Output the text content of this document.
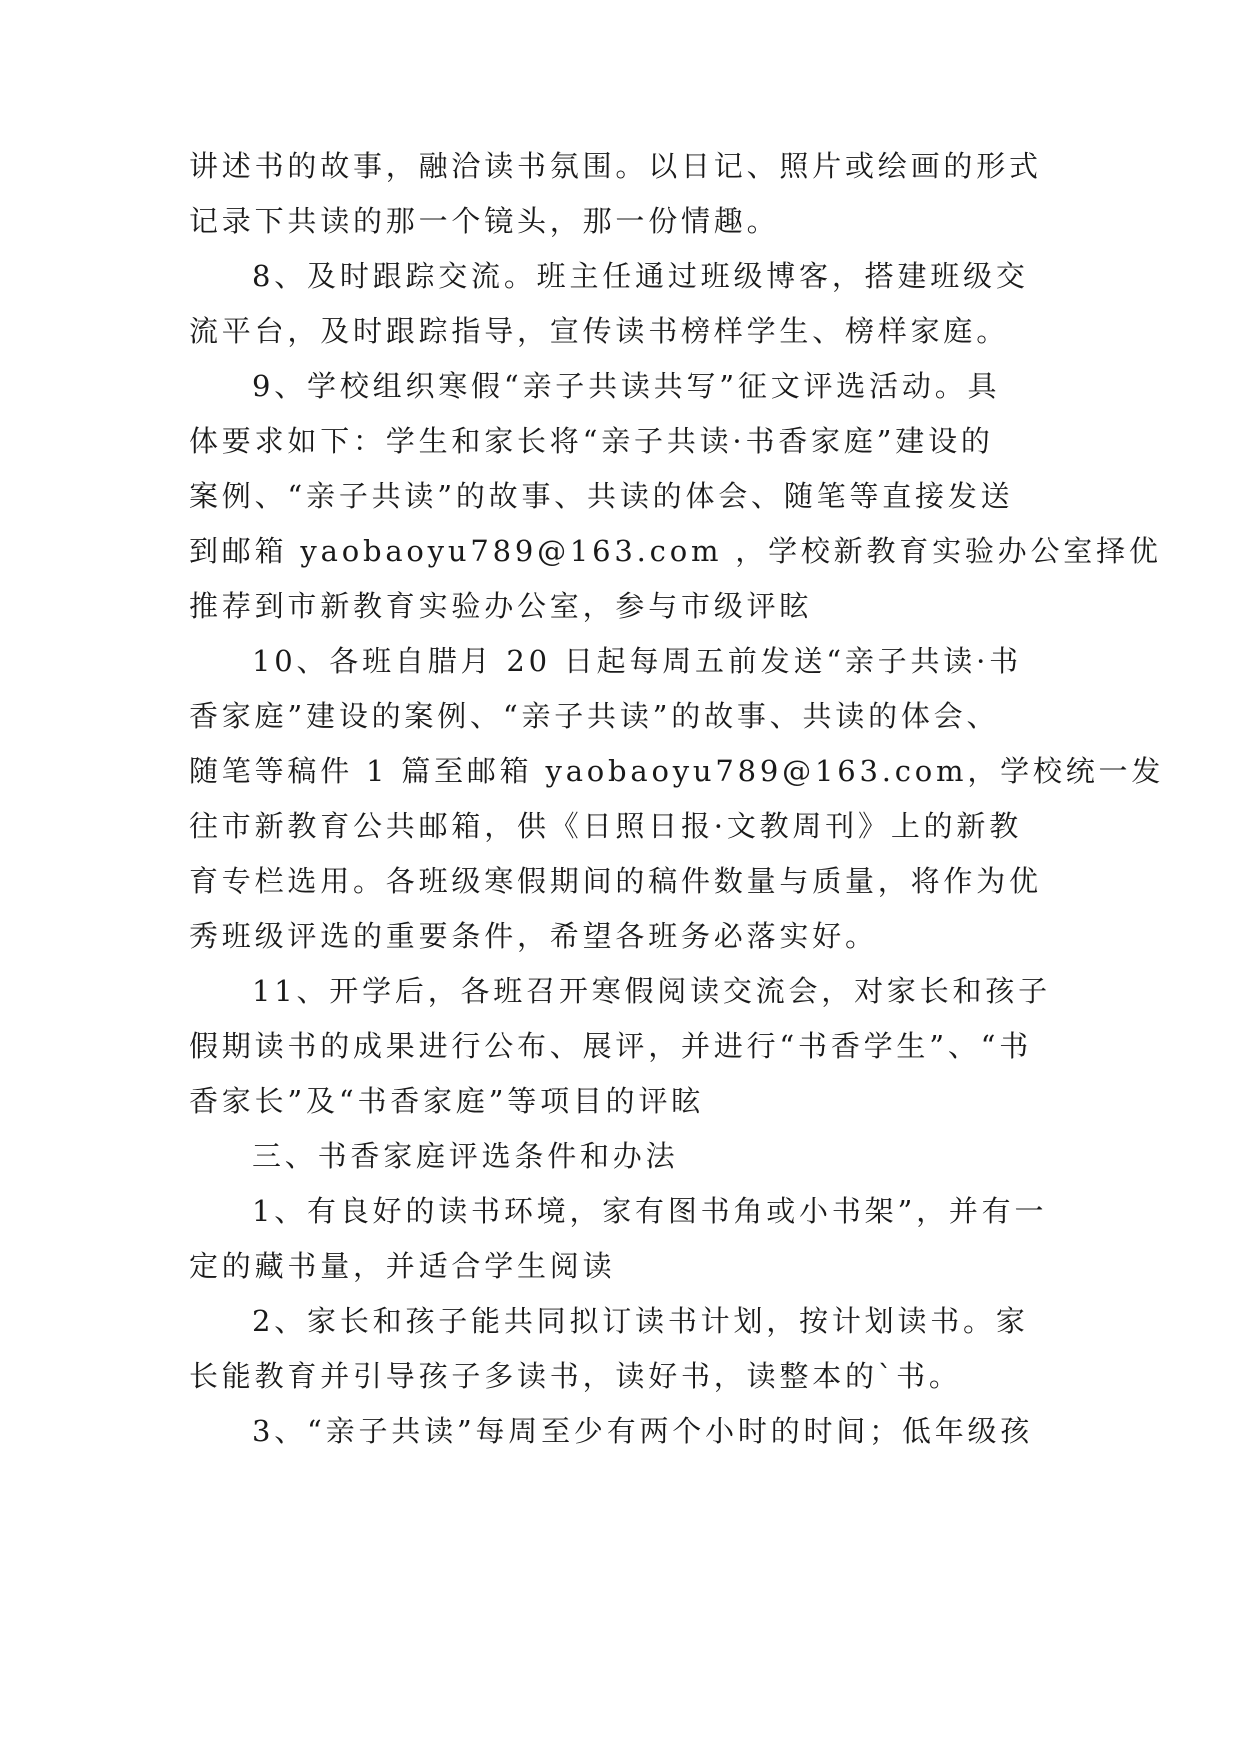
讲述书的故事，融洽读书氛围。以日记、照片或绘画的形式
记录下共读的那一个镜头，那一份情趣。
8、及时跟踪交流。班主任通过班级博客，搭建班级交
流平台，及时跟踪指导，宣传读书榜样学生、榜样家庭。
9、学校组织寒假“亲子共读共写”征文评选活动。具
体要求如下：学生和家长将“亲子共读·书香家庭”建设的
案例、“亲子共读”的故事、共读的体会、随笔等直接发送
到邮箱 yaobaoyu789@163.com ，学校新教育实验办公室择优
推荐到市新教育实验办公室，参与市级评眩
10、各班自腊月 20 日起每周五前发送“亲子共读·书
香家庭”建设的案例、“亲子共读”的故事、共读的体会、
随笔等稿件 1 篇至邮箱 yaobaoyu789@163.com，学校统一发
往市新教育公共邮箱，供《日照日报·文教周刊》上的新教
育专栏选用。各班级寒假期间的稿件数量与质量，将作为优
秀班级评选的重要条件，希望各班务必落实好。
11、开学后，各班召开寒假阅读交流会，对家长和孩子
假期读书的成果进行公布、展评，并进行“书香学生”、“书
香家长”及“书香家庭”等项目的评眩
三、书香家庭评选条件和办法
1、有良好的读书环境，家有图书角或小书架”，并有一
定的藏书量，并适合学生阅读
2、家长和孩子能共同拟订读书计划，按计划读书。家
长能教育并引导孩子多读书，读好书，读整本的`书。
3、“亲子共读”每周至少有两个小时的时间；低年级孩
